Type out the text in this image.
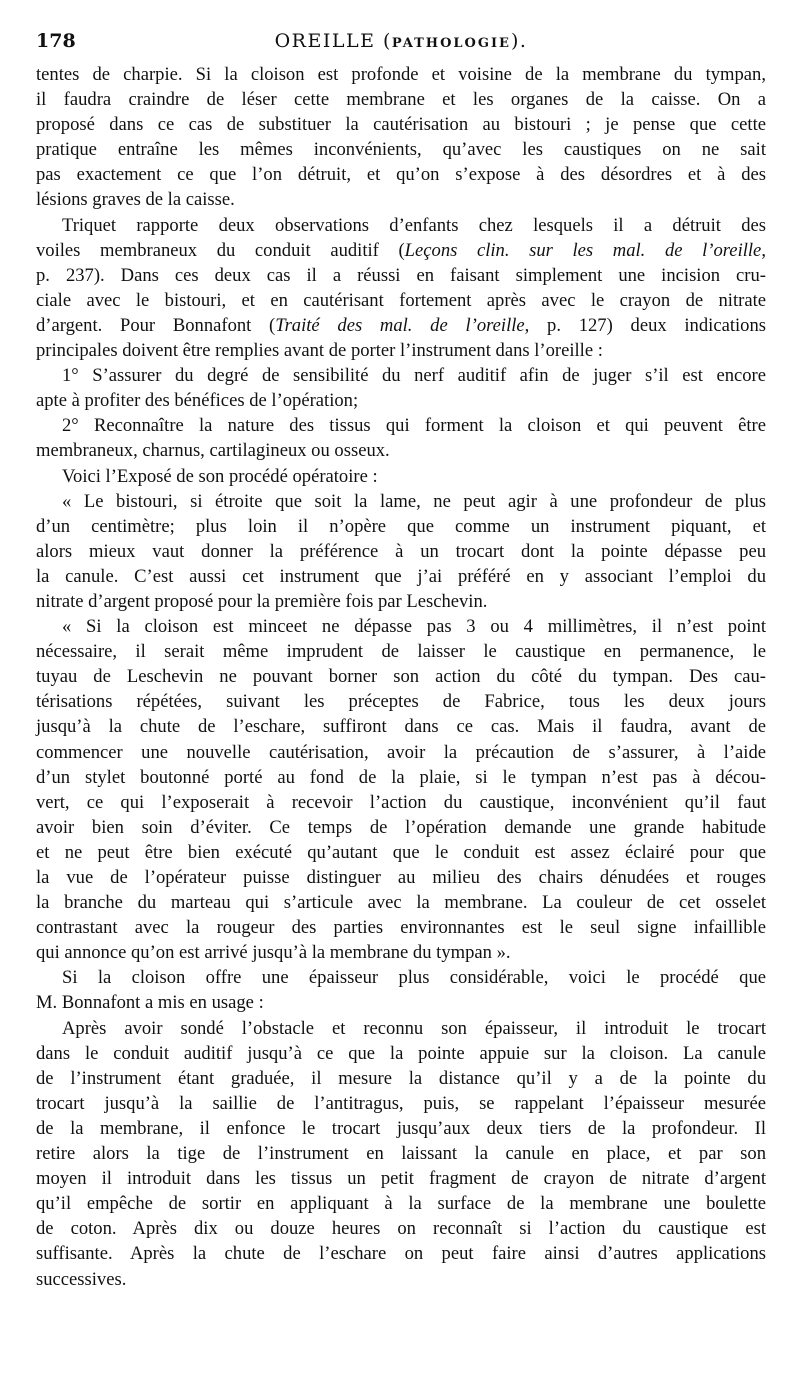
178	OREILLE (PATHOLOGIE).
tentes de charpie. Si la cloison est profonde et voisine de la membrane du tympan,
il faudra craindre de léser cette membrane et les organes de la caisse. On a
proposé dans ce cas de substituer la cautérisation au bistouri ; je pense que cette
pratique entraîne les mêmes inconvénients, qu’avec les caustiques on ne sait
pas exactement ce que l’on détruit, et qu’on s’expose à des désordres et à des
lésions graves de la caisse.
Triquet rapporte deux observations d’enfants chez lesquels il a détruit des
voiles membraneux du conduit auditif (Leçons clin. sur les mal. de l’oreille,
p. 237). Dans ces deux cas il a réussi en faisant simplement une incision cru-
ciale avec le bistouri, et en cautérisant fortement après avec le crayon de nitrate
d’argent. Pour Bonnafont (Traité des mal. de l’oreille, p. 127) deux indications
principales doivent être remplies avant de porter l’instrument dans l’oreille :
1° S’assurer du degré de sensibilité du nerf auditif afin de juger s’il est encore
apte à profiter des bénéfices de l’opération;
2° Reconnaître la nature des tissus qui forment la cloison et qui peuvent être
membraneux, charnus, cartilagineux ou osseux.
Voici l’Exposé de son procédé opératoire :
« Le bistouri, si étroite que soit la lame, ne peut agir à une profondeur de plus
d’un centimètre; plus loin il n’opère que comme un instrument piquant, et
alors mieux vaut donner la préférence à un trocart dont la pointe dépasse peu
la canule. C’est aussi cet instrument que j’ai préféré en y associant l’emploi du
nitrate d’argent proposé pour la première fois par Leschevin.
« Si la cloison est minceet ne dépasse pas 3 ou 4 millimètres, il n’est point
nécessaire, il serait même imprudent de laisser le caustique en permanence, le
tuyau de Leschevin ne pouvant borner son action du côté du tympan. Des cau-
térisations répétées, suivant les préceptes de Fabrice, tous les deux jours
jusqu’à la chute de l’eschare, suffiront dans ce cas. Mais il faudra, avant de
commencer une nouvelle cautérisation, avoir la précaution de s’assurer, à l’aide
d’un stylet boutonné porté au fond de la plaie, si le tympan n’est pas à décou-
vert, ce qui l’exposerait à recevoir l’action du caustique, inconvénient qu’il faut
avoir bien soin d’éviter. Ce temps de l’opération demande une grande habitude
et ne peut être bien exécuté qu’autant que le conduit est assez éclairé pour que
la vue de l’opérateur puisse distinguer au milieu des chairs dénudées et rouges
la branche du marteau qui s’articule avec la membrane. La couleur de cet osselet
contrastant avec la rougeur des parties environnantes est le seul signe infaillible
qui annonce qu’on est arrivé jusqu’à la membrane du tympan ».
Si la cloison offre une épaisseur plus considérable, voici le procédé que
M. Bonnafont a mis en usage :
Après avoir sondé l’obstacle et reconnu son épaisseur, il introduit le trocart
dans le conduit auditif jusqu’à ce que la pointe appuie sur la cloison. La canule
de l’instrument étant graduée, il mesure la distance qu’il y a de la pointe du
trocart jusqu’à la saillie de l’antitragus, puis, se rappelant l’épaisseur mesurée
de la membrane, il enfonce le trocart jusqu’aux deux tiers de la profondeur. Il
retire alors la tige de l’instrument en laissant la canule en place, et par son
moyen il introduit dans les tissus un petit fragment de crayon de nitrate d’argent
qu’il empêche de sortir en appliquant à la surface de la membrane une boulette
de coton. Après dix ou douze heures on reconnaît si l’action du caustique est
suffisante. Après la chute de l’eschare on peut faire ainsi d’autres applications
successives.
